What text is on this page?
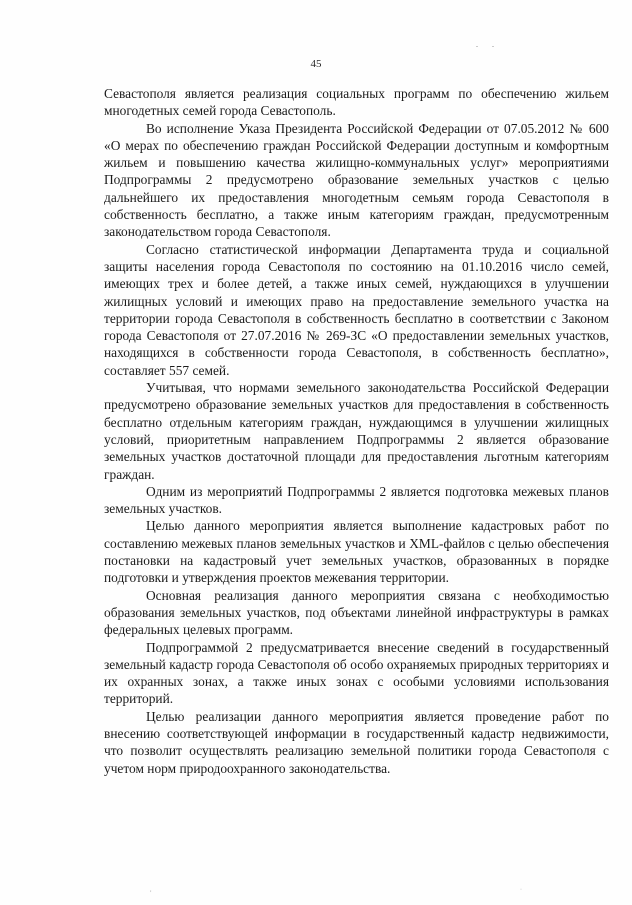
. .
45

Севастополя является реализация социальных программ по обеспечению жильем многодетных семей города Севастополь.

Во исполнение Указа Президента Российской Федерации от 07.05.2012 № 600 «О мерах по обеспечению граждан Российской Федерации доступным и комфортным жильем и повышению качества жилищно-коммунальных услуг» мероприятиями Подпрограммы 2 предусмотрено образование земельных участков с целью дальнейшего их предоставления многодетным семьям города Севастополя в собственность бесплатно, а также иным категориям граждан, предусмотренным законодательством города Севастополя.

Согласно статистической информации Департамента труда и социальной защиты населения города Севастополя по состоянию на 01.10.2016 число семей, имеющих трех и более детей, а также иных семей, нуждающихся в улучшении жилищных условий и имеющих право на предоставление земельного участка на территории города Севастополя в собственность бесплатно в соответствии с Законом города Севастополя от 27.07.2016 № 269-ЗС «О предоставлении земельных участков, находящихся в собственности города Севастополя, в собственность бесплатно», составляет 557 семей.

Учитывая, что нормами земельного законодательства Российской Федерации предусмотрено образование земельных участков для предоставления в собственность бесплатно отдельным категориям граждан, нуждающимся в улучшении жилищных условий, приоритетным направлением Подпрограммы 2 является образование земельных участков достаточной площади для предоставления льготным категориям граждан.

Одним из мероприятий Подпрограммы 2 является подготовка межевых планов земельных участков.

Целью данного мероприятия является выполнение кадастровых работ по составлению межевых планов земельных участков и XML-файлов с целью обеспечения постановки на кадастровый учет земельных участков, образованных в порядке подготовки и утверждения проектов межевания территории.

Основная реализация данного мероприятия связана с необходимостью образования земельных участков, под объектами линейной инфраструктуры в рамках федеральных целевых программ.

Подпрограммой 2 предусматривается внесение сведений в государственный земельный кадастр города Севастополя об особо охраняемых природных территориях и их охранных зонах, а также иных зонах с особыми условиями использования территорий.

Целью реализации данного мероприятия является проведение работ по внесению соответствующей информации в государственный кадастр недвижимости, что позволит осуществлять реализацию земельной политики города Севастополя с учетом норм природоохранного законодательства.

,	·
